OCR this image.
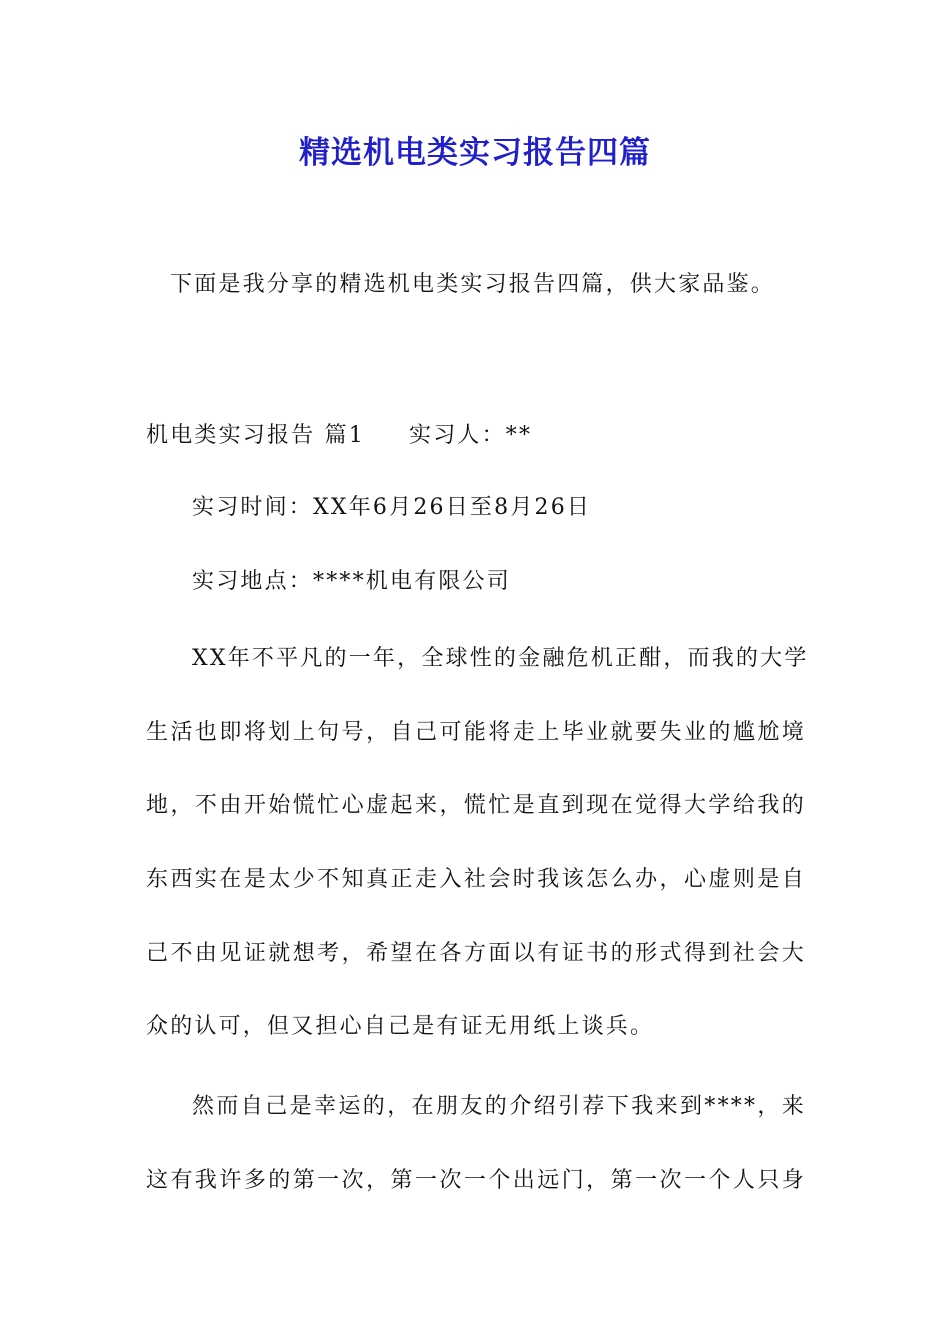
精选机电类实习报告四篇
下面是我分享的精选机电类实习报告四篇，供大家品鉴。
机电类实习报告 篇1 实习人：**
实习时间：XX年6月26日至8月26日
实习地点：****机电有限公司
XX年不平凡的一年，全球性的金融危机正酣，而我的大学
生活也即将划上句号，自己可能将走上毕业就要失业的尴尬境
地，不由开始慌忙心虚起来，慌忙是直到现在觉得大学给我的
东西实在是太少不知真正走入社会时我该怎么办，心虚则是自
己不由见证就想考，希望在各方面以有证书的形式得到社会大
众的认可，但又担心自己是有证无用纸上谈兵。
然而自己是幸运的，在朋友的介绍引荐下我来到****，来
这有我许多的第一次，第一次一个出远门，第一次一个人只身
